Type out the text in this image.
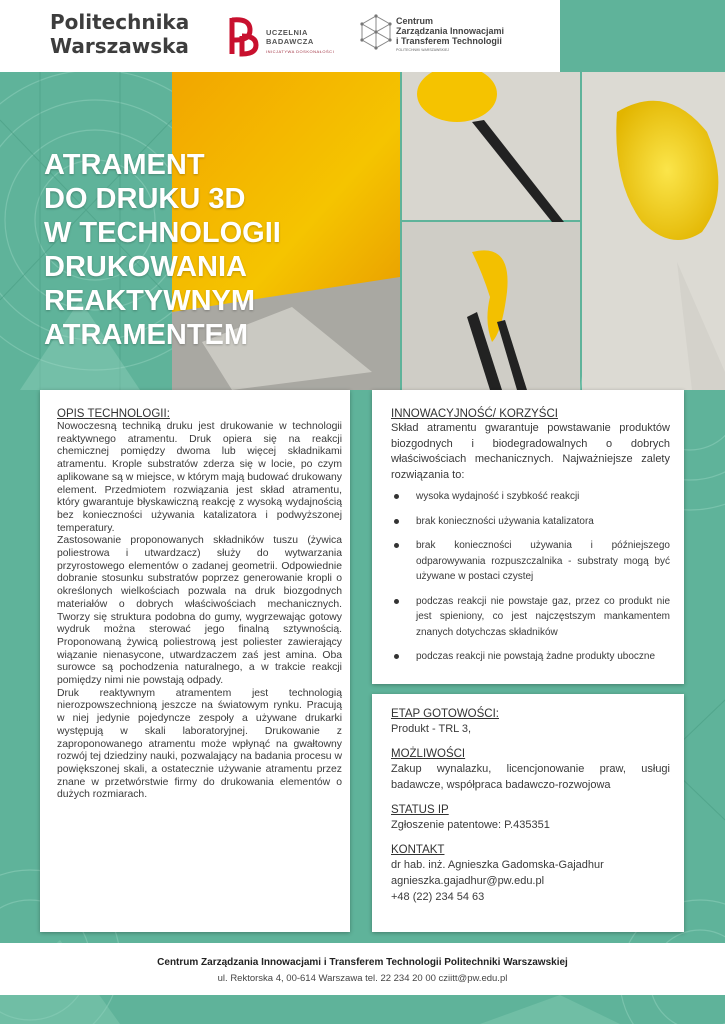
Politechnika
Warszawska
UCZELNIA
BADAWCZA
INICJATYWA DOSKONAŁOŚCI
Centrum
Zarządzania Innowacjami
i Transferem Technologii
POLITECHNIKI WARSZAWSKIEJ
ATRAMENT
DO DRUKU 3D
W TECHNOLOGII
DRUKOWANIA
REAKTYWNYM
ATRAMENTEM

OPIS TECHNOLOGII:

Nowoczesną techniką druku jest drukowanie w technologii reaktywnego atramentu. Druk opiera się na reakcji chemicznej pomiędzy dwoma lub więcej składnikami atramentu. Krople substratów zderza się w locie, po czym aplikowane są w miejsce, w którym mają budować drukowany element. Przedmiotem rozwiązania jest skład atramentu, który gwarantuje błyskawiczną reakcję z wysoką wydajnością bez konieczności używania katalizatora i podwyższonej temperatury.

Zastosowanie proponowanych składników tuszu (żywica poliestrowa i utwardzacz) służy do wytwarzania przyrostowego elementów o zadanej geometrii. Odpowiednie dobranie stosunku substratów poprzez generowanie kropli o określonych wielkościach pozwala na druk biozgodnych materiałów o dobrych właściwościach mechanicznych. Tworzy się struktura podobna do gumy, wygrzewając gotowy wydruk można sterować jego finalną sztywnością. Proponowaną żywicą poliestrową jest poliester zawierający wiązanie nienasycone, utwardzaczem zaś jest amina. Oba surowce są pochodzenia naturalnego, a w trakcie reakcji pomiędzy nimi nie powstają odpady.

Druk reaktywnym atramentem jest technologią nierozpowszechnioną jeszcze na światowym rynku. Pracują w niej jedynie pojedyncze zespoły a używane drukarki występują w skali laboratoryjnej. Drukowanie z zaproponowanego atramentu może wpłynąć na gwałtowny rozwój tej dziedziny nauki, pozwalający na badania procesu w powiększonej skali, a ostatecznie używanie atramentu przez znane w przetwórstwie firmy do drukowania elementów o dużych rozmiarach.

INNOWACYJNOŚĆ/ KORZYŚCI

Skład atramentu gwarantuje powstawanie produktów biozgodnych i biodegradowalnych o dobrych właściwościach mechanicznych. Najważniejsze zalety rozwiązania to:

wysoka wydajność i szybkość reakcji
brak konieczności używania katalizatora
brak konieczności używania i późniejszego odparowywania rozpuszczalnika - substraty mogą być używane w postaci czystej
podczas reakcji nie powstaje gaz, przez co produkt nie jest spieniony, co jest najczęstszym mankamentem znanych dotychczas składników
podczas reakcji nie powstają żadne produkty uboczne

ETAP GOTOWOŚCI:

Produkt - TRL 3,

MOŻLIWOŚCI

Zakup wynalazku, licencjonowanie praw, usługi badawcze, współpraca badawczo-rozwojowa

STATUS IP

Zgłoszenie patentowe: P.435351

KONTAKT

dr hab. inż. Agnieszka Gadomska-Gajadhur

agnieszka.gajadhur@pw.edu.pl

+48 (22) 234 54 63

Centrum Zarządzania Innowacjami i Transferem Technologii Politechniki Warszawskiej
ul. Rektorska 4, 00-614 Warszawa tel. 22 234 20 00 cziitt@pw.edu.pl
